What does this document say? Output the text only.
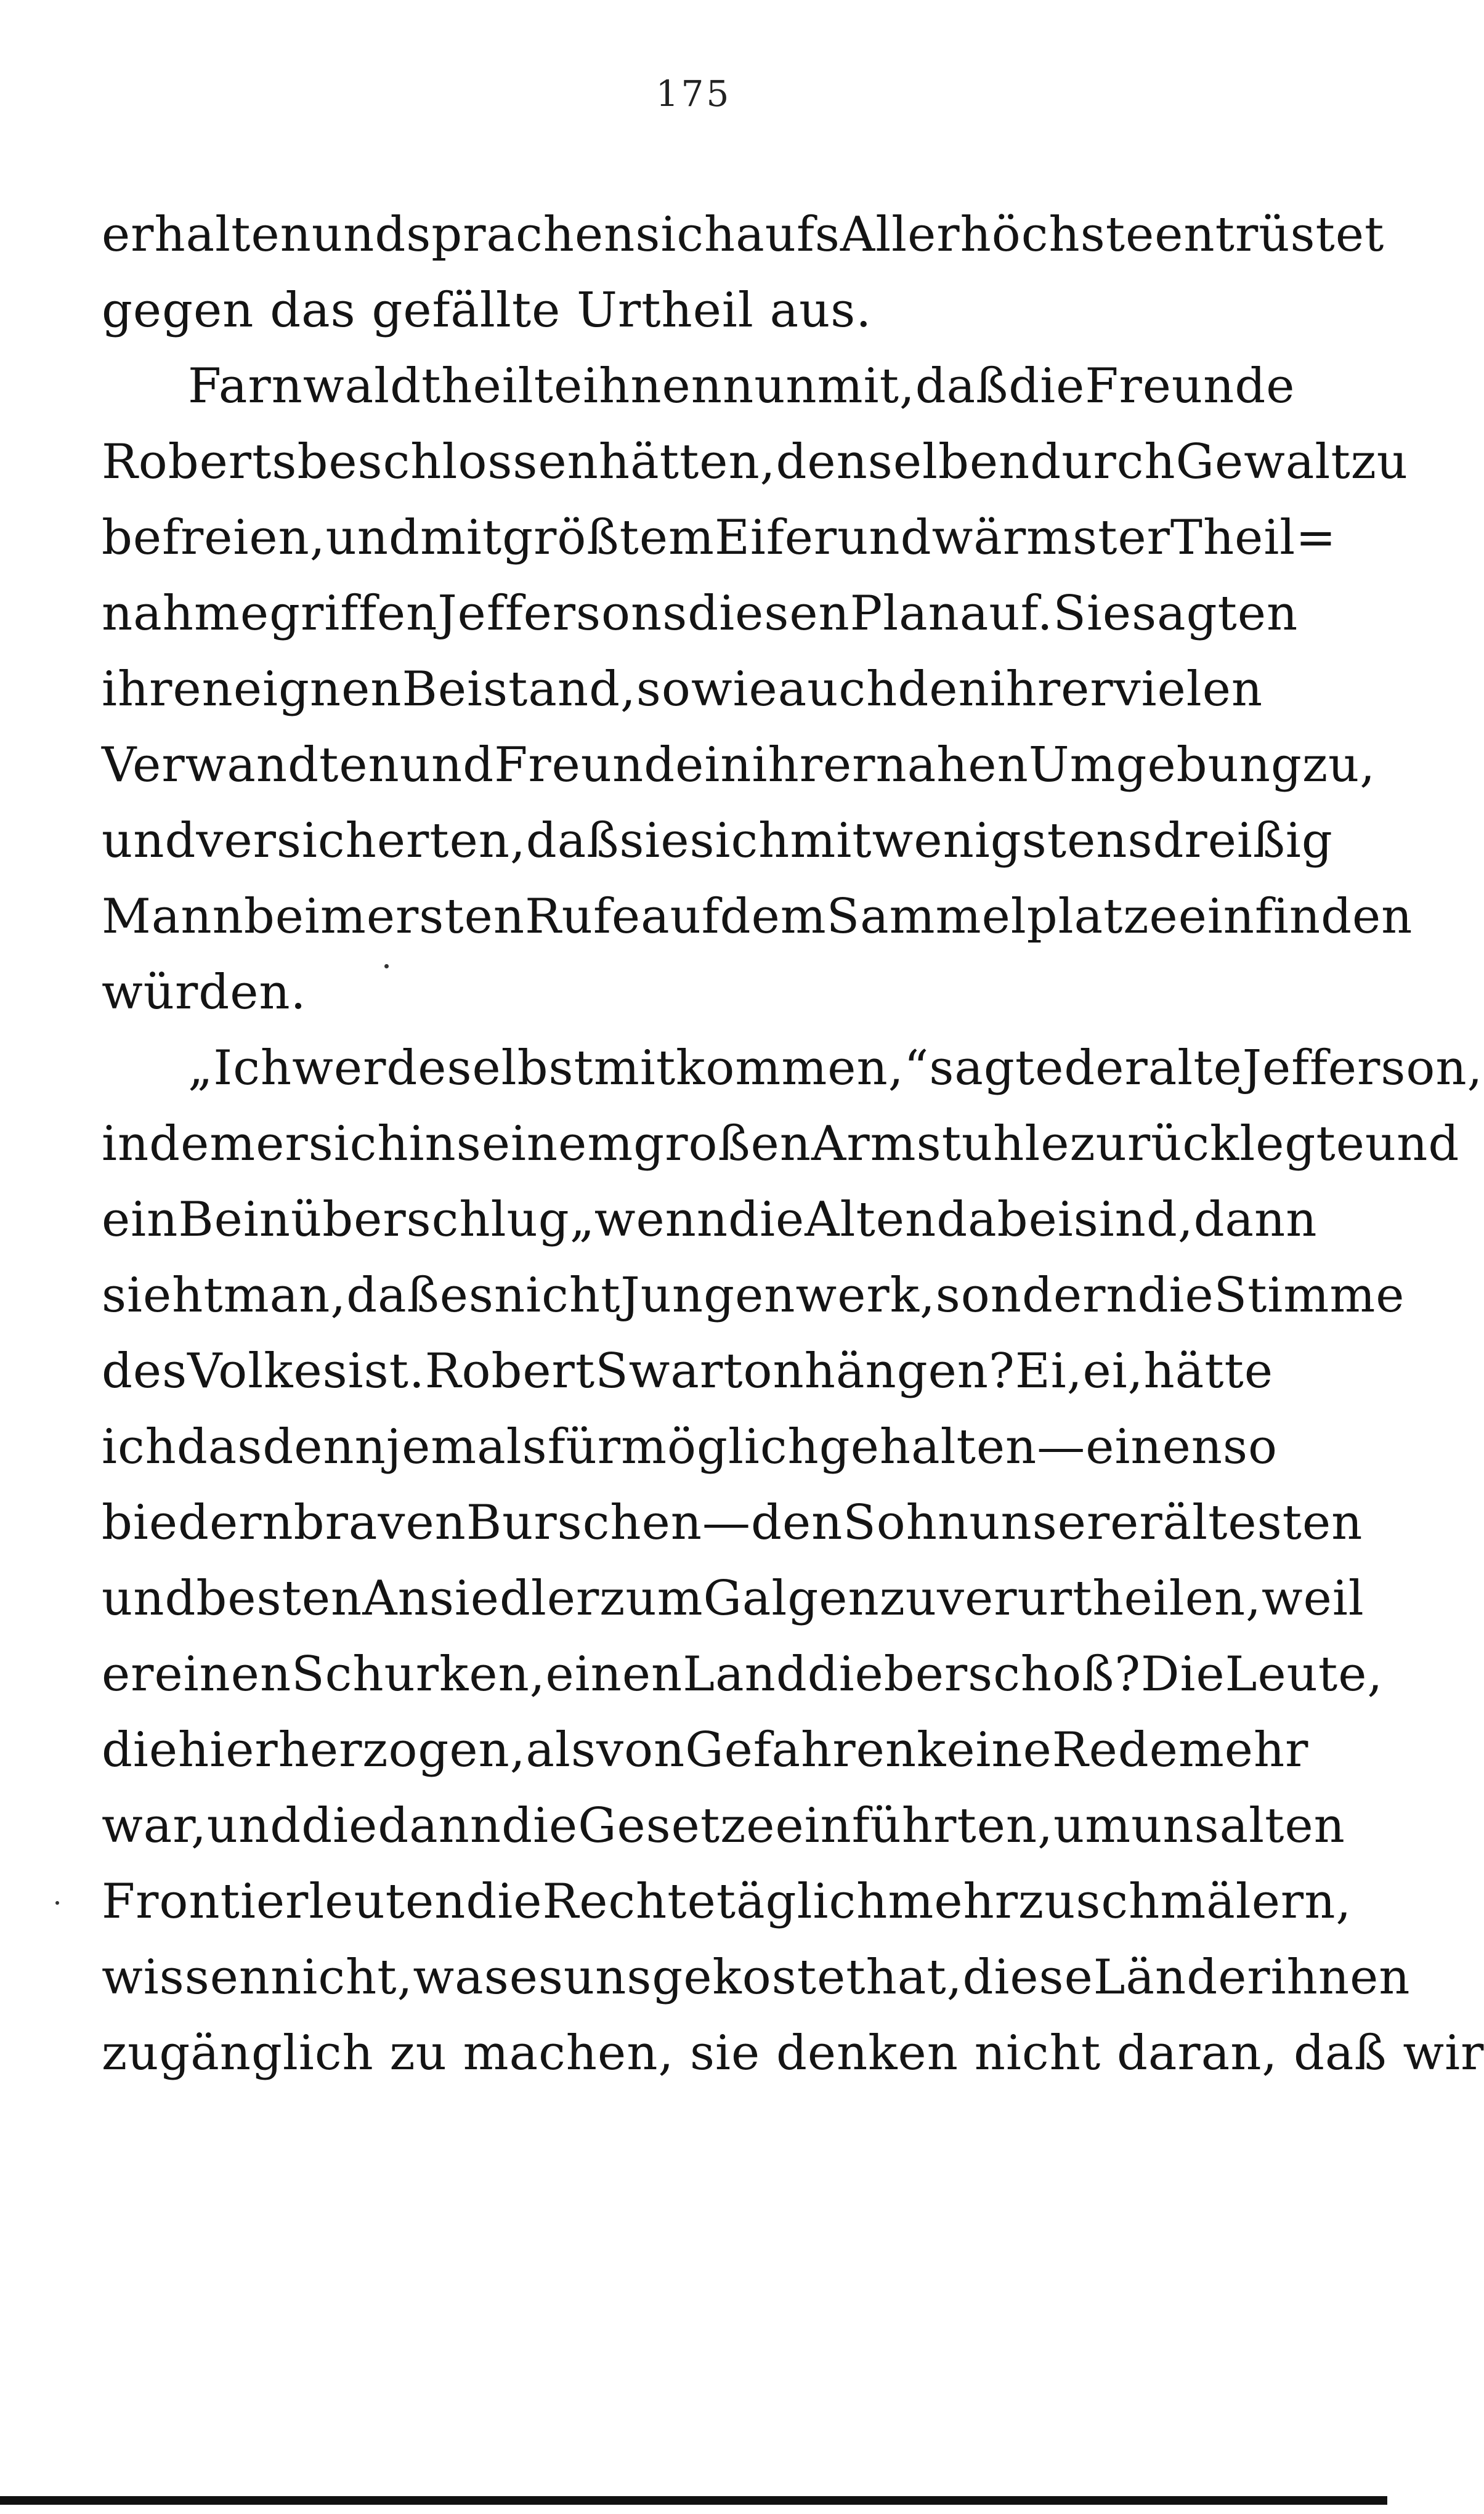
175
erhalten und sprachen sich aufs Allerhöchste entrüstet
gegen das gefällte Urtheil aus.
Farnwald theilte ihnen nun mit, daß die Freunde
Roberts beschlossen hätten, denselben durch Gewalt zu
befreien, und mit größtem Eifer und wärmster Theil=
nahme griffen Jeffersons diesen Plan auf. Sie sagten
ihren eignen Beistand, so wie auch den ihrer vielen
Verwandten und Freunde in ihrer nahen Umgebung zu,
und versicherten, daß sie sich mit wenigstens dreißig
Mann beim ersten Rufe auf dem Sammelplatze einfinden
würden.
„Ich werde selbst mitkommen,“ sagte der alte Jefferson,
indem er sich in seinem großen Armstuhle zurücklegte und
ein Bein überschlug „wenn die Alten dabei sind, dann
sieht man, daß es nicht Jungenwerk, sondern die Stimme
des Volkes ist. Robert Swarton hängen? Ei, ei, hätte
ich das denn jemals für möglich gehalten — einen so
biedern braven Burschen — den Sohn unserer ältesten
und besten Ansiedler zum Galgen zu verurtheilen, weil
er einen Schurken, einen Landdieb erschoß? Die Leute,
die hierher zogen, als von Gefahren keine Rede mehr
war, und die dann die Gesetze einführten, um uns alten
Frontierleuten die Rechte täglich mehr zu schmälern,
wissen nicht, was es uns gekostet hat, diese Länder ihnen
zugänglich zu machen, sie denken nicht daran, daß wir
